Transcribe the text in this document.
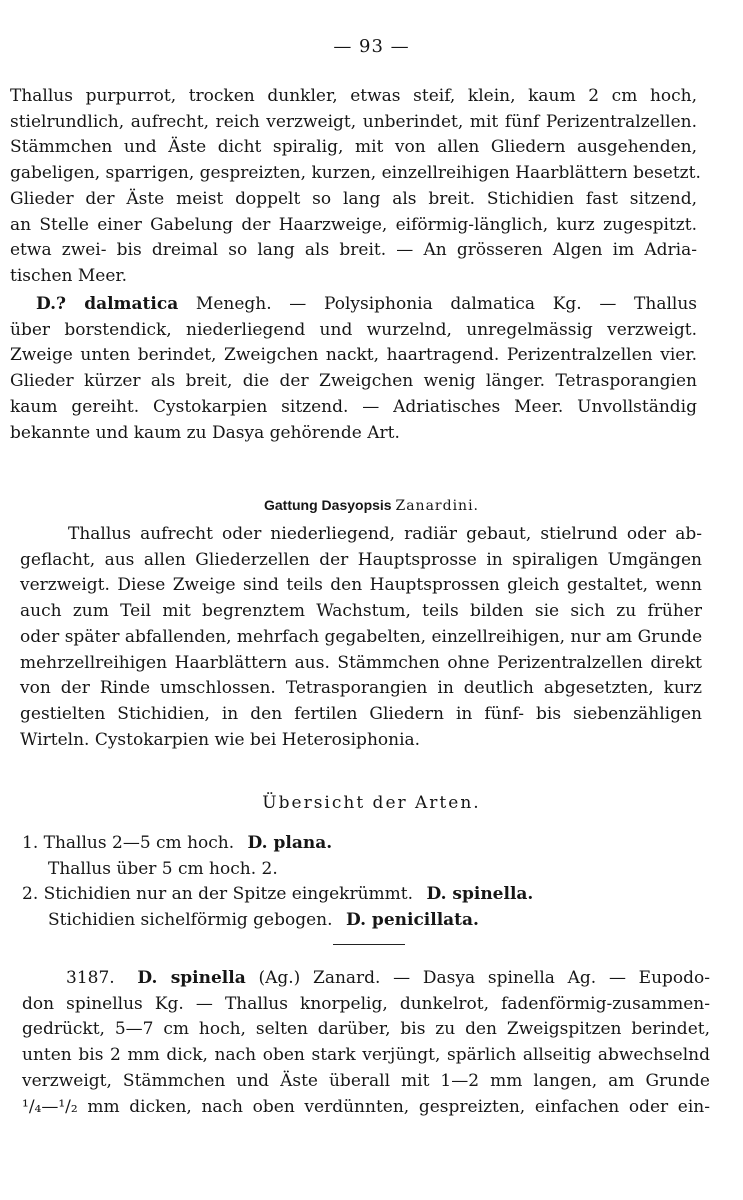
— 93 —
Thallus purpurrot, trocken dunkler, etwas steif, klein, kaum 2 cm hoch,
stielrundlich, aufrecht, reich verzweigt, unberindet, mit fünf Perizentralzellen.
Stämmchen und Äste dicht spiralig, mit von allen Gliedern ausgehenden,
gabeligen, sparrigen, gespreizten, kurzen, einzellreihigen Haarblättern besetzt.
Glieder der Äste meist doppelt so lang als breit. Stichidien fast sitzend,
an Stelle einer Gabelung der Haarzweige, eiförmig-länglich, kurz zugespitzt.
etwa zwei- bis dreimal so lang als breit. — An grösseren Algen im Adria-
tischen Meer.
D.? dalmatica Menegh. — Polysiphonia dalmatica Kg. — Thallus
über borstendick, niederliegend und wurzelnd, unregelmässig verzweigt.
Zweige unten berindet, Zweigchen nackt, haartragend. Perizentralzellen vier.
Glieder kürzer als breit, die der Zweigchen wenig länger. Tetrasporangien
kaum gereiht. Cystokarpien sitzend. — Adriatisches Meer. Unvollständig
bekannte und kaum zu Dasya gehörende Art.
Gattung Dasyopsis Zanardini.
Thallus aufrecht oder niederliegend, radiär gebaut, stielrund oder ab-
geflacht, aus allen Gliederzellen der Hauptsprosse in spiraligen Umgängen
verzweigt. Diese Zweige sind teils den Hauptsprossen gleich gestaltet, wenn
auch zum Teil mit begrenztem Wachstum, teils bilden sie sich zu früher
oder später abfallenden, mehrfach gegabelten, einzellreihigen, nur am Grunde
mehrzellreihigen Haarblättern aus. Stämmchen ohne Perizentralzellen direkt
von der Rinde umschlossen. Tetrasporangien in deutlich abgesetzten, kurz
gestielten Stichidien, in den fertilen Gliedern in fünf- bis siebenzähligen
Wirteln. Cystokarpien wie bei Heterosiphonia.
Übersicht der Arten.
1. Thallus 2—5 cm hoch. D. plana.
Thallus über 5 cm hoch. 2.
2. Stichidien nur an der Spitze eingekrümmt. D. spinella.
Stichidien sichelförmig gebogen. D. penicillata.
3187. D. spinella (Ag.) Zanard. — Dasya spinella Ag. — Eupodo-
don spinellus Kg. — Thallus knorpelig, dunkelrot, fadenförmig-zusammen-
gedrückt, 5—7 cm hoch, selten darüber, bis zu den Zweigspitzen berindet,
unten bis 2 mm dick, nach oben stark verjüngt, spärlich allseitig abwechselnd
verzweigt, Stämmchen und Äste überall mit 1—2 mm langen, am Grunde
¹/₄—¹/₂ mm dicken, nach oben verdünnten, gespreizten, einfachen oder ein-
